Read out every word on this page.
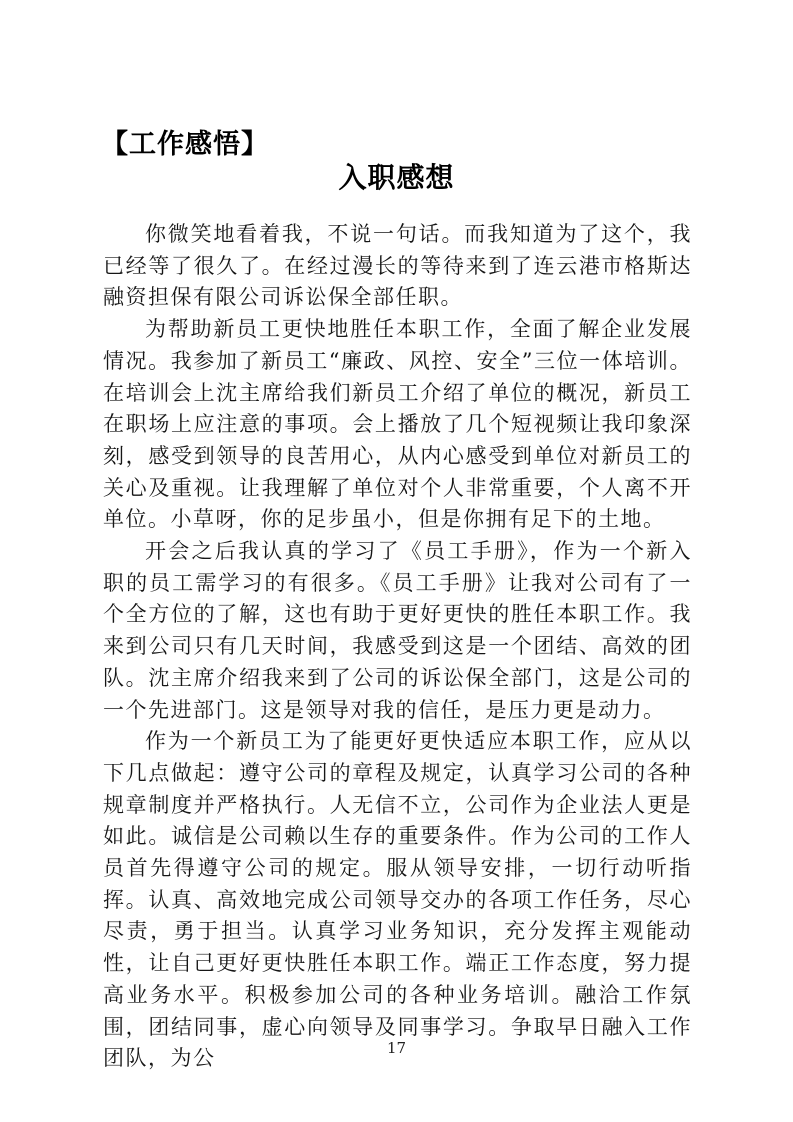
【工作感悟】
入职感想

你微笑地看着我，不说一句话。而我知道为了这个，我已经等了很久了。在经过漫长的等待来到了连云港市格斯达融资担保有限公司诉讼保全部任职。

为帮助新员工更快地胜任本职工作，全面了解企业发展情况。我参加了新员工“廉政、风控、安全”三位一体培训。在培训会上沈主席给我们新员工介绍了单位的概况，新员工在职场上应注意的事项。会上播放了几个短视频让我印象深刻，感受到领导的良苦用心，从内心感受到单位对新员工的关心及重视。让我理解了单位对个人非常重要，个人离不开单位。小草呀，你的足步虽小，但是你拥有足下的土地。

开会之后我认真的学习了《员工手册》，作为一个新入职的员工需学习的有很多。《员工手册》让我对公司有了一个全方位的了解，这也有助于更好更快的胜任本职工作。我来到公司只有几天时间，我感受到这是一个团结、高效的团队。沈主席介绍我来到了公司的诉讼保全部门，这是公司的一个先进部门。这是领导对我的信任，是压力更是动力。

作为一个新员工为了能更好更快适应本职工作，应从以下几点做起：遵守公司的章程及规定，认真学习公司的各种规章制度并严格执行。人无信不立，公司作为企业法人更是如此。诚信是公司赖以生存的重要条件。作为公司的工作人员首先得遵守公司的规定。服从领导安排，一切行动听指挥。认真、高效地完成公司领导交办的各项工作任务，尽心尽责，勇于担当。认真学习业务知识，充分发挥主观能动性，让自己更好更快胜任本职工作。端正工作态度，努力提高业务水平。积极参加公司的各种业务培训。融洽工作氛围，团结同事，虚心向领导及同事学习。争取早日融入工作团队，为公	17
